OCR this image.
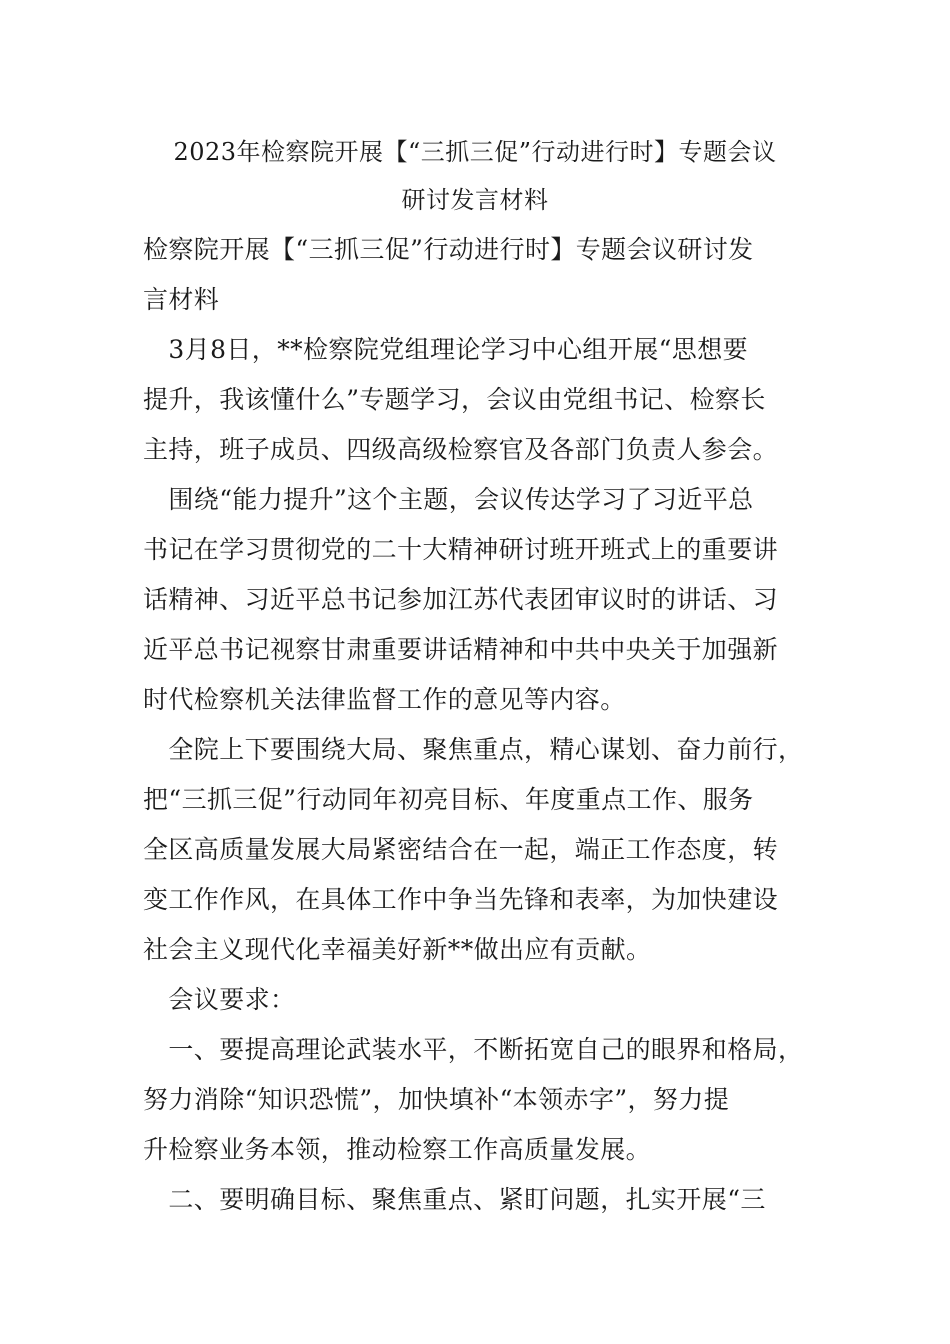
2023年检察院开展【“三抓三促”行动进行时】专题会议
研讨发言材料
检察院开展【“三抓三促”行动进行时】专题会议研讨发
言材料
　3月8日，**检察院党组理论学习中心组开展“思想要
提升，我该懂什么”专题学习，会议由党组书记、检察长
主持，班子成员、四级高级检察官及各部门负责人参会。
　围绕“能力提升”这个主题，会议传达学习了习近平总
书记在学习贯彻党的二十大精神研讨班开班式上的重要讲
话精神、习近平总书记参加江苏代表团审议时的讲话、习
近平总书记视察甘肃重要讲话精神和中共中央关于加强新
时代检察机关法律监督工作的意见等内容。
　全院上下要围绕大局、聚焦重点，精心谋划、奋力前行，
把“三抓三促”行动同年初亮目标、年度重点工作、服务
全区高质量发展大局紧密结合在一起，端正工作态度，转
变工作作风，在具体工作中争当先锋和表率，为加快建设
社会主义现代化幸福美好新**做出应有贡献。
　会议要求：
　一、要提高理论武装水平，不断拓宽自己的眼界和格局，
努力消除“知识恐慌”，加快填补“本领赤字”，努力提
升检察业务本领，推动检察工作高质量发展。
　二、要明确目标、聚焦重点、紧盯问题，扎实开展“三
